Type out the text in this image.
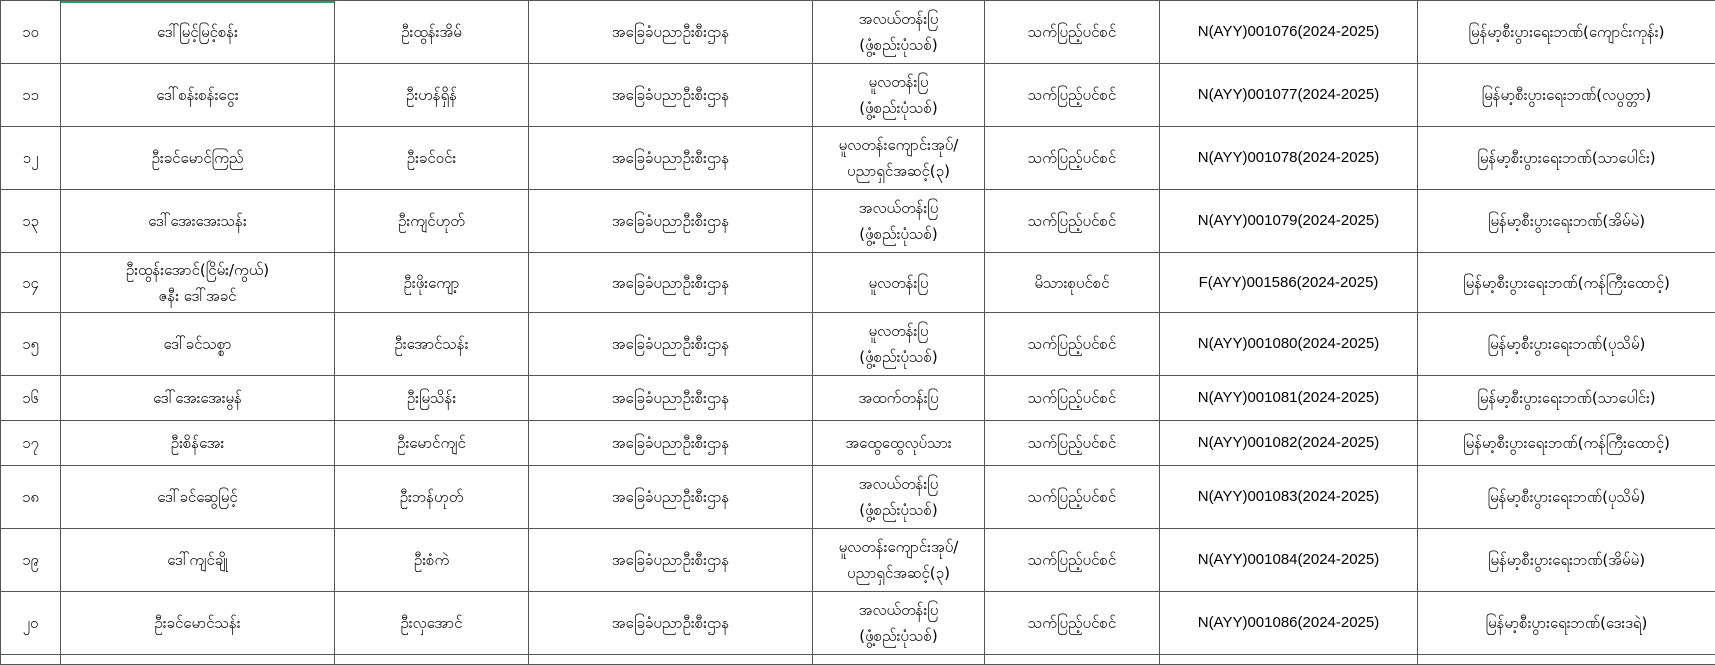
၁၀	ဒေါ်မြင့်မြင့်စန်း	ဦးထွန်းအိမ်	အခြေခံပညာဦးစီးဌာန	အလယ်တန်းပြ
(ဖွံ့စည်းပုံသစ်)	သက်ပြည့်ပင်စင်	N(AYY)001076(2024-2025)	မြန်မာ့စီးပွားရေးဘဏ်(ကျောင်းကုန်း)
၁၁	ဒေါ်စန်းစန်းငွေး	ဦးဟန်ရှိန်	အခြေခံပညာဦးစီးဌာန	မူလတန်းပြ
(ဖွံ့စည်းပုံသစ်)	သက်ပြည့်ပင်စင်	N(AYY)001077(2024-2025)	မြန်မာ့စီးပွားရေးဘဏ်(လပွတ္တာ)
၁၂	ဦးခင်မောင်ကြည်	ဦးခင်ဝင်း	အခြေခံပညာဦးစီးဌာန	မူလတန်းကျောင်းအုပ်/
ပညာရှင်အဆင့်(၃)	သက်ပြည့်ပင်စင်	N(AYY)001078(2024-2025)	မြန်မာ့စီးပွားရေးဘဏ်(သာပေါင်း)
၁၃	ဒေါ်အေးအေးသန်း	ဦးကျင်ဟုတ်	အခြေခံပညာဦးစီးဌာန	အလယ်တန်းပြ
(ဖွံ့စည်းပုံသစ်)	သက်ပြည့်ပင်စင်	N(AYY)001079(2024-2025)	မြန်မာ့စီးပွားရေးဘဏ်(အိမ်မဲ)
၁၄	ဦးထွန်းအောင်(ငြိမ်း/ကွယ်)
ဇနီး ဒေါ်အခင်	ဦးဖိုးကျော့	အခြေခံပညာဦးစီးဌာန	မူလတန်းပြ	မိသားစုပင်စင်	F(AYY)001586(2024-2025)	မြန်မာ့စီးပွားရေးဘဏ်(ကန်ကြီးထောင့်)
၁၅	ဒေါ်ခင်သစ္စာ	ဦးအောင်သန်း	အခြေခံပညာဦးစီးဌာန	မူလတန်းပြ
(ဖွံ့စည်းပုံသစ်)	သက်ပြည့်ပင်စင်	N(AYY)001080(2024-2025)	မြန်မာ့စီးပွားရေးဘဏ်(ပုသိမ်)
၁၆	ဒေါ်အေးအေးမွန်	ဦးမြသိန်း	အခြေခံပညာဦးစီးဌာန	အထက်တန်းပြ	သက်ပြည့်ပင်စင်	N(AYY)001081(2024-2025)	မြန်မာ့စီးပွားရေးဘဏ်(သာပေါင်း)
၁၇	ဦးစိန်အေး	ဦးမောင်ကျင်	အခြေခံပညာဦးစီးဌာန	အထွေထွေလုပ်သား	သက်ပြည့်ပင်စင်	N(AYY)001082(2024-2025)	မြန်မာ့စီးပွားရေးဘဏ်(ကန်ကြီးထောင့်)
၁၈	ဒေါ်ခင်ဆွေမြင့်	ဦးဘန်ဟုတ်	အခြေခံပညာဦးစီးဌာန	အလယ်တန်းပြ
(ဖွံ့စည်းပုံသစ်)	သက်ပြည့်ပင်စင်	N(AYY)001083(2024-2025)	မြန်မာ့စီးပွားရေးဘဏ်(ပုသိမ်)
၁၉	ဒေါ်ကျင်ချို	ဦးစံကဲ	အခြေခံပညာဦးစီးဌာန	မူလတန်းကျောင်းအုပ်/
ပညာရှင်အဆင့်(၃)	သက်ပြည့်ပင်စင်	N(AYY)001084(2024-2025)	မြန်မာ့စီးပွားရေးဘဏ်(အိမ်မဲ)
၂၀	ဦးခင်မောင်သန်း	ဦးလှအောင်	အခြေခံပညာဦးစီးဌာန	အလယ်တန်းပြ
(ဖွံ့စည်းပုံသစ်)	သက်ပြည့်ပင်စင်	N(AYY)001086(2024-2025)	မြန်မာ့စီးပွားရေးဘဏ်(ဒေးဒရဲ)
